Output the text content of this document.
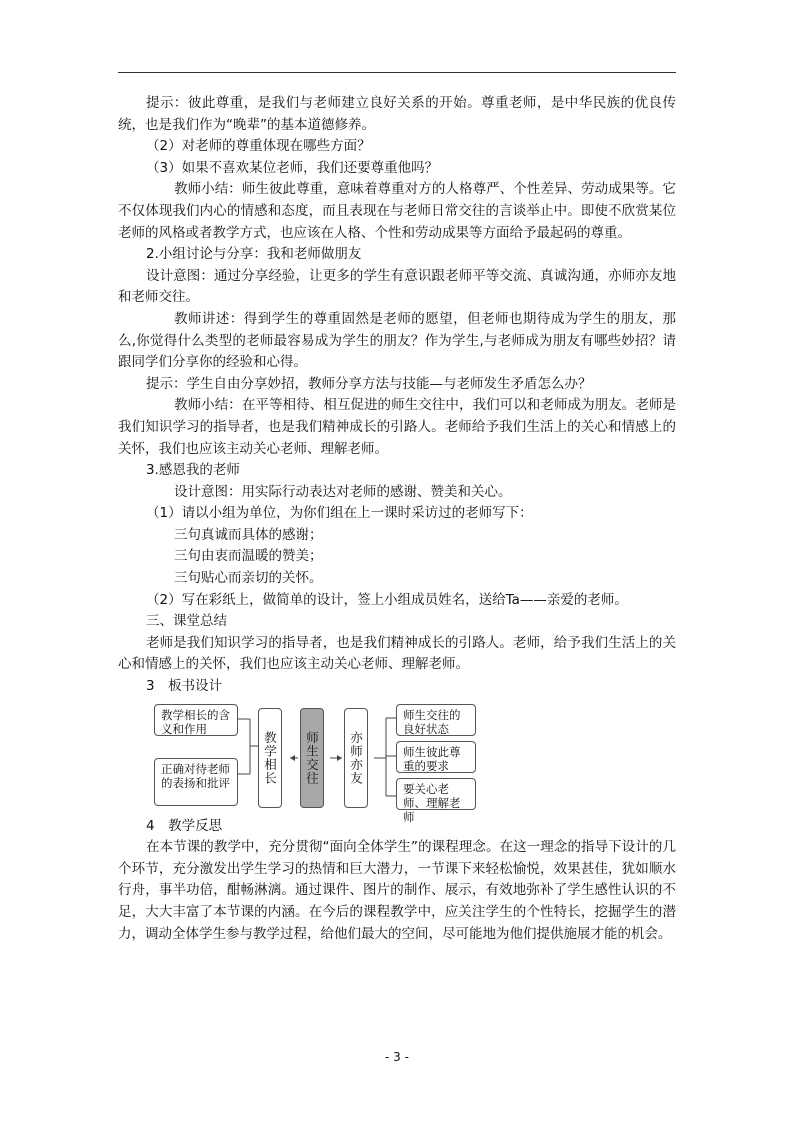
提示：彼此尊重，是我们与老师建立良好关系的开始。尊重老师，是中华民族的优良传统，也是我们作为“晚辈”的基本道德修养。

（2）对老师的尊重体现在哪些方面？

（3）如果不喜欢某位老师，我们还要尊重他吗？

教师小结：师生彼此尊重，意味着尊重对方的人格尊严、个性差异、劳动成果等。它不仅体现我们内心的情感和态度，而且表现在与老师日常交往的言谈举止中。即使不欣赏某位老师的风格或者教学方式，也应该在人格、个性和劳动成果等方面给予最起码的尊重。

2.小组讨论与分享：我和老师做朋友

设计意图：通过分享经验，让更多的学生有意识跟老师平等交流、真诚沟通，亦师亦友地和老师交往。

教师讲述：得到学生的尊重固然是老师的愿望，但老师也期待成为学生的朋友，那么,你觉得什么类型的老师最容易成为学生的朋友？作为学生,与老师成为朋友有哪些妙招？请跟同学们分享你的经验和心得。

提示：学生自由分享妙招，教师分享方法与技能—与老师发生矛盾怎么办？

教师小结：在平等相待、相互促进的师生交往中，我们可以和老师成为朋友。老师是我们知识学习的指导者，也是我们精神成长的引路人。老师给予我们生活上的关心和情感上的关怀，我们也应该主动关心老师、理解老师。

3.感恩我的老师

设计意图：用实际行动表达对老师的感谢、赞美和关心。

（1）请以小组为单位，为你们组在上一课时采访过的老师写下：

三句真诚而具体的感谢；

三句由衷而温暖的赞美；

三句贴心而亲切的关怀。

（2）写在彩纸上，做简单的设计，签上小组成员姓名，送给Ta——亲爱的老师。

三、课堂总结

老师是我们知识学习的指导者，也是我们精神成长的引路人。老师，给予我们生活上的关心和情感上的关怀，我们也应该主动关心老师、理解老师。

3　板书设计

教学相长的含义和作用
正确对待老师的表扬和批评	教学相长	师生交往	亦师亦友
师生交往的良好状态
师生彼此尊重的要求
要关心老师、理解老师

4　教学反思

在本节课的教学中，充分贯彻“面向全体学生”的课程理念。在这一理念的指导下设计的几个环节，充分激发出学生学习的热情和巨大潜力，一节课下来轻松愉悦，效果甚佳，犹如顺水行舟，事半功倍，酣畅淋漓。通过课件、图片的制作、展示，有效地弥补了学生感性认识的不足，大大丰富了本节课的内涵。在今后的课程教学中，应关注学生的个性特长，挖掘学生的潜力，调动全体学生参与教学过程，给他们最大的空间，尽可能地为他们提供施展才能的机会。

- 3 -
